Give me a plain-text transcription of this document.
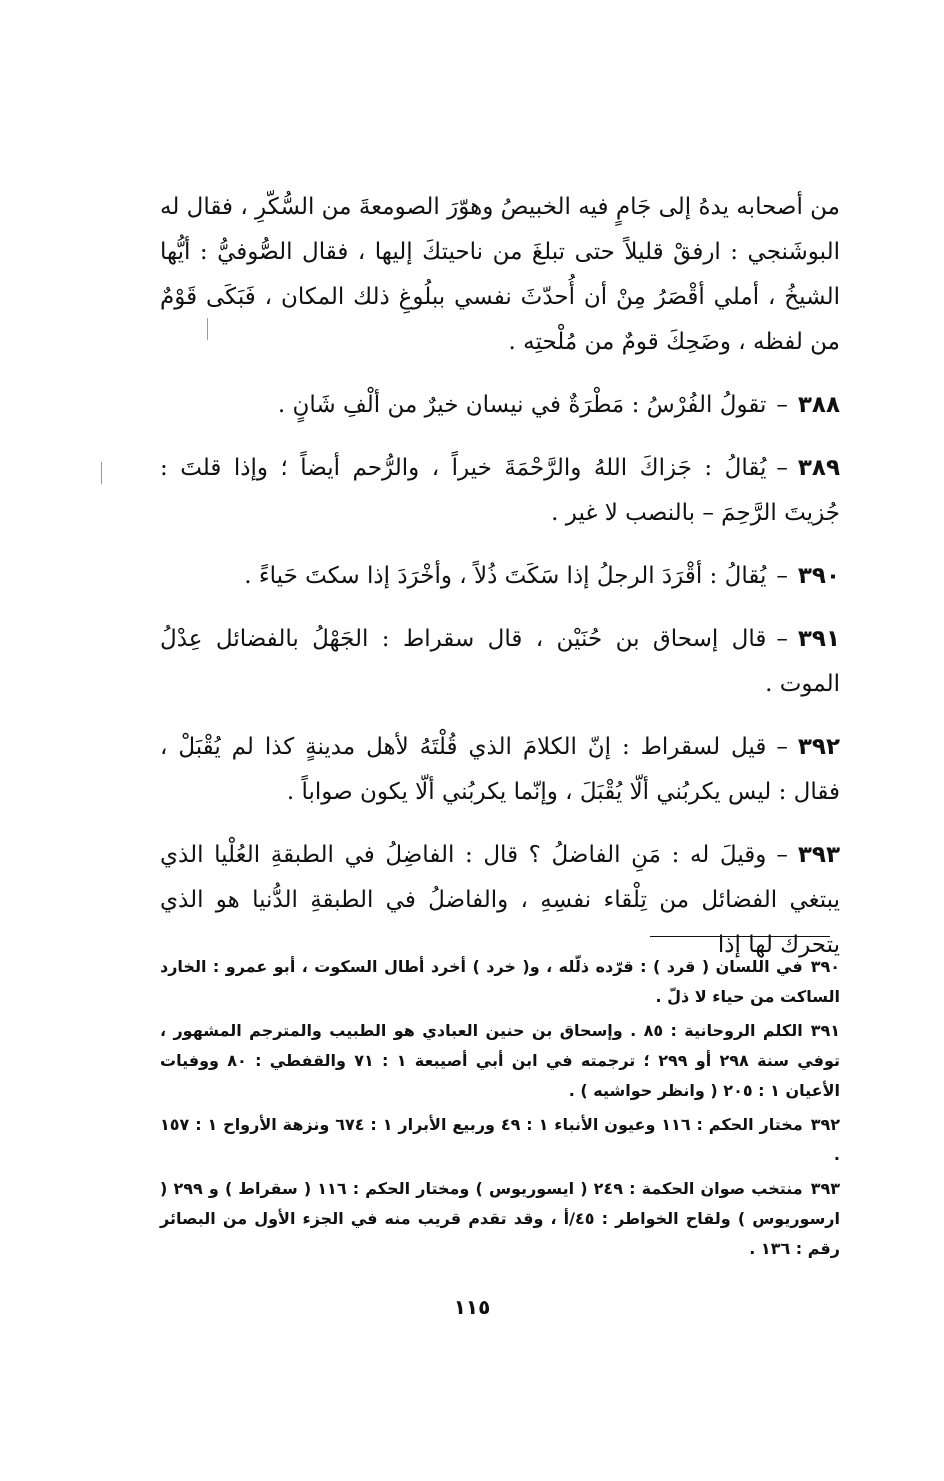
من أصحابه يدهُ إلى جَامٍ فيه الخبيصُ وهوّرَ الصومعةَ من السُّكّرِ ، فقال له البوشَنجي : ارفقْ قليلاً حتى تبلغَ من ناحيتكَ إليها ، فقال الصُّوفيُّ : أيُّها الشيخُ ، أملي أقْصَرُ مِنْ أن أُحدّثَ نفسي ببلُوغِ ذلك المكان ، فَبَكَى قَوْمٌ من لفظه ، وضَحِكَ قومٌ من مُلْحتِه .

٣٨٨–تقولُ الفُرْسُ : مَطْرَةٌ في نيسان خيرٌ من ألْفِ شَانٍ .

٣٨٩–يُقالُ : جَزاكَ اللهُ والرَّحْمَةَ خيراً ، والرُّحم أيضاً ؛ وإذا قلتَ : جُزيتَ الرَّحِمَ – بالنصب لا غير .

٣٩٠–يُقالُ : أقْرَدَ الرجلُ إذا سَكَتَ ذُلاً ، وأخْرَدَ إذا سكتَ حَياءً .

٣٩١–قال إسحاق بن حُنَيْن ، قال سقراط : الجَهْلُ بالفضائل عِدْلُ الموت .

٣٩٢–قيل لسقراط : إنّ الكلامَ الذي قُلْتَهُ لأهل مدينةٍ كذا لم يُقْبَلْ ، فقال : ليس يكربُني ألّا يُقْبَلَ ، وإنّما يكربُني ألّا يكون صواباً .

٣٩٣–وقيلَ له : مَنِ الفاضلُ ؟ قال : الفاضِلُ في الطبقةِ العُلْيا الذي يبتغي الفضائل من تِلْقاء نفسِهِ ، والفاضلُ في الطبقةِ الدُّنيا هو الذي يتحرك لها إذا

٣٩٠في اللسان ( قرد ) : قرّده ذلّله ، و( خرد ) أخرد أطال السكوت ، أبو عمرو : الخارد الساكت من حياء لا ذلّ .

٣٩١الكلم الروحانية : ٨٥ . وإسحاق بن حنين العبادي هو الطبيب والمترجم المشهور ، توفي سنة ٢٩٨ أو ٢٩٩ ؛ ترجمته في ابن أبي أصيبعة ١ : ٧١ والقفطي : ٨٠ ووفيات الأعيان ١ : ٢٠٥ ( وانظر حواشيه ) .

٣٩٢مختار الحكم : ١١٦ وعيون الأنباء ١ : ٤٩ وربيع الأبرار ١ : ٦٧٤ ونزهة الأرواح ١ : ١٥٧ .

٣٩٣منتخب صوان الحكمة : ٢٤٩ ( ايسوريوس ) ومختار الحكم : ١١٦ ( سقراط ) و ٢٩٩ ( ارسوريوس ) ولقاح الخواطر : ٤٥/أ ، وقد تقدم قريب منه في الجزء الأول من البصائر رقم : ١٣٦ .

١١٥
